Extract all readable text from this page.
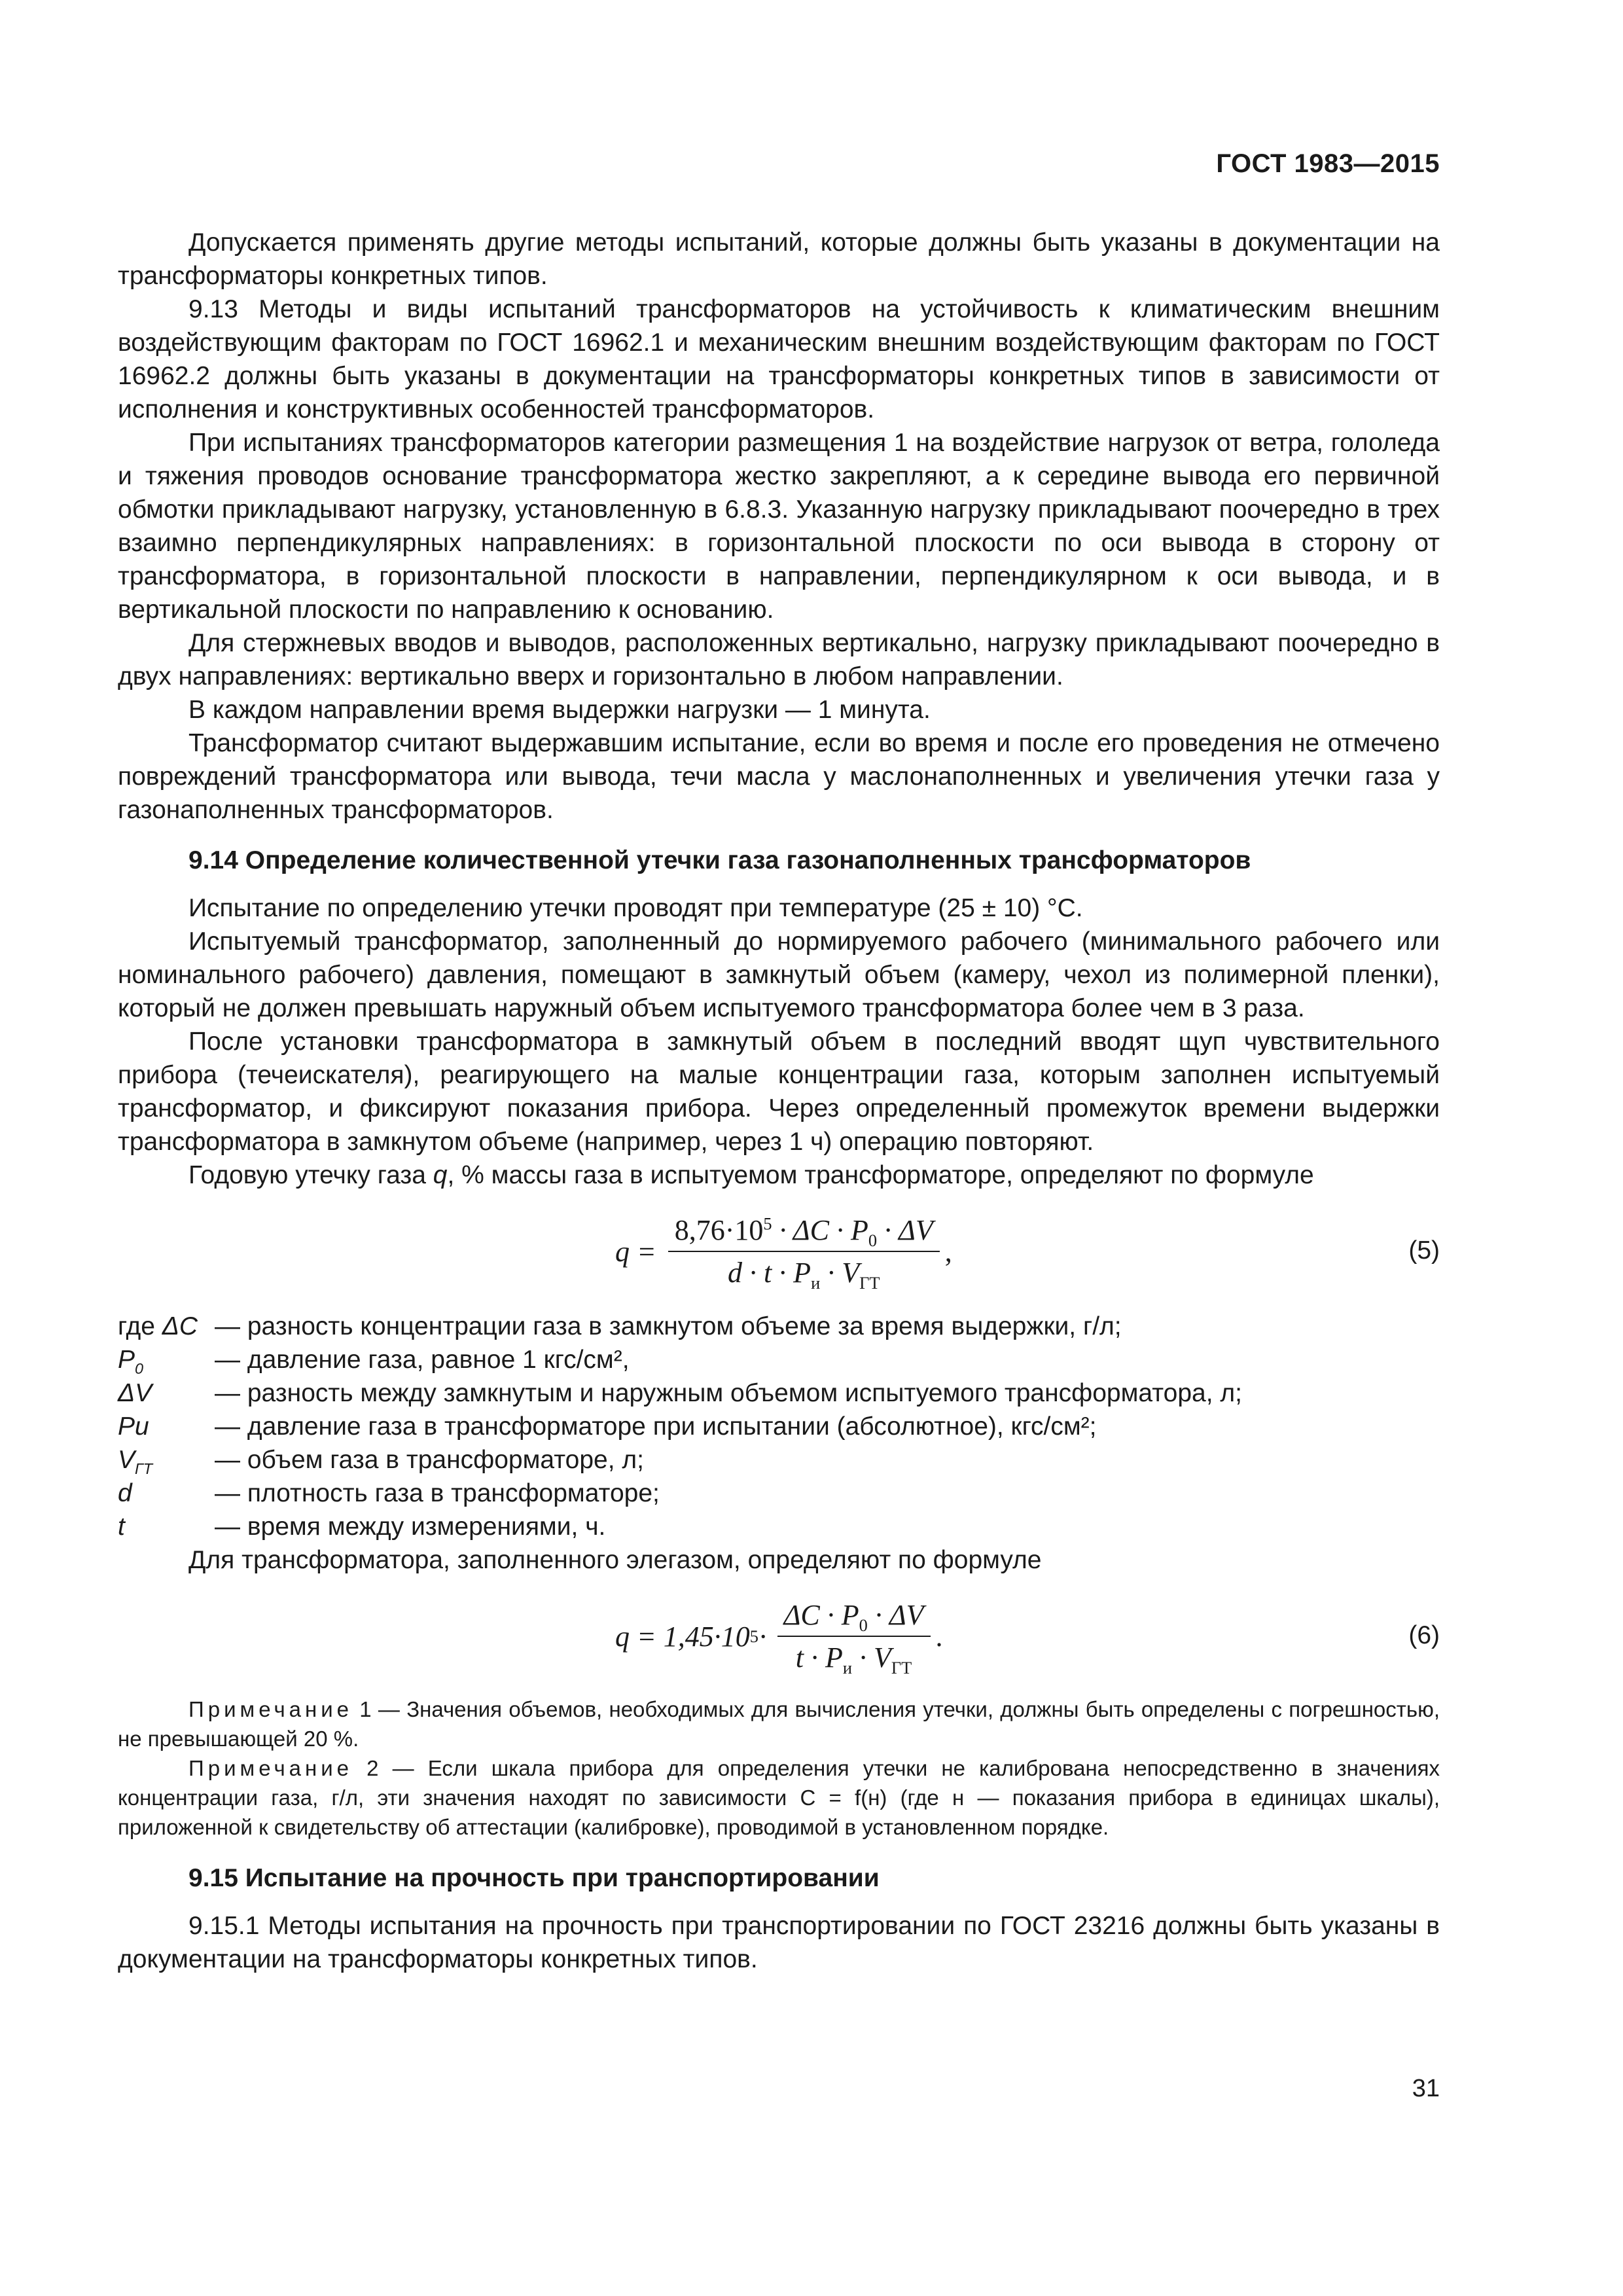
ГОСТ 1983—2015

Допускается применять другие методы испытаний, которые должны быть указаны в документации на трансформаторы конкретных типов.

9.13 Методы и виды испытаний трансформаторов на устойчивость к климатическим внешним воздействующим факторам по ГОСТ 16962.1 и механическим внешним воздействующим факторам по ГОСТ 16962.2 должны быть указаны в документации на трансформаторы конкретных типов в зависимости от исполнения и конструктивных особенностей трансформаторов.

При испытаниях трансформаторов категории размещения 1 на воздействие нагрузок от ветра, гололеда и тяжения проводов основание трансформатора жестко закрепляют, а к середине вывода его первичной обмотки прикладывают нагрузку, установленную в 6.8.3. Указанную нагрузку прикладывают поочередно в трех взаимно перпендикулярных направлениях: в горизонтальной плоскости по оси вывода в сторону от трансформатора, в горизонтальной плоскости в направлении, перпендикулярном к оси вывода, и в вертикальной плоскости по направлению к основанию.

Для стержневых вводов и выводов, расположенных вертикально, нагрузку прикладывают поочередно в двух направлениях: вертикально вверх и горизонтально в любом направлении.

В каждом направлении время выдержки нагрузки — 1 минута.

Трансформатор считают выдержавшим испытание, если во время и после его проведения не отмечено повреждений трансформатора или вывода, течи масла у маслонаполненных и увеличения утечки газа у газонаполненных трансформаторов.

9.14 Определение количественной утечки газа газонаполненных трансформаторов

Испытание по определению утечки проводят при температуре (25 ± 10) °С.

Испытуемый трансформатор, заполненный до нормируемого рабочего (минимального рабочего или номинального рабочего) давления, помещают в замкнутый объем (камеру, чехол из полимерной пленки), который не должен превышать наружный объем испытуемого трансформатора более чем в 3 раза.

После установки трансформатора в замкнутый объем в последний вводят щуп чувствительного прибора (течеискателя), реагирующего на малые концентрации газа, которым заполнен испытуемый трансформатор, и фиксируют показания прибора. Через определенный промежуток времени выдержки трансформатора в замкнутом объеме (например, через 1 ч) операцию повторяют.

Годовую утечку газа q, % массы газа в испытуемом трансформаторе, определяют по формуле

$q = \frac{8,76\cdot 10^5 \cdot \Delta C \cdot P_0 \cdot \Delta V}{d \cdot t \cdot P_и \cdot V_{ГТ}}$ ,	(5)
где ΔC — разность концентрации газа в замкнутом объеме за время выдержки, г/л;
$P_0$	— давление газа, равное 1 кгс/см²,
ΔV	— разность между замкнутым и наружным объемом испытуемого трансформатора, л;
Pи	— давление газа в трансформаторе при испытании (абсолютное), кгс/см²;
$V_{ГТ}$	— объем газа в трансформаторе, л;
d	— плотность газа в трансформаторе;
t	— время между измерениями, ч.

Для трансформатора, заполненного элегазом, определяют по формуле

q = 1,45·10 $5 \cdot \frac{\Delta C \cdot P_0 \cdot \Delta V}{t \cdot P_и \cdot V_{ГТ}}$ .	(6)

Примечание 1 — Значения объемов, необходимых для вычисления утечки, должны быть определены с погрешностью, не превышающей 20 %.

Примечание 2 — Если шкала прибора для определения утечки не калибрована непосредственно в значениях концентрации газа, г/л, эти значения находят по зависимости C = f(н) (где н — показания прибора в единицах шкалы), приложенной к свидетельству об аттестации (калибровке), проводимой в установленном порядке.

9.15 Испытание на прочность при транспортировании

9.15.1 Методы испытания на прочность при транспортировании по ГОСТ 23216 должны быть указаны в документации на трансформаторы конкретных типов.

31
